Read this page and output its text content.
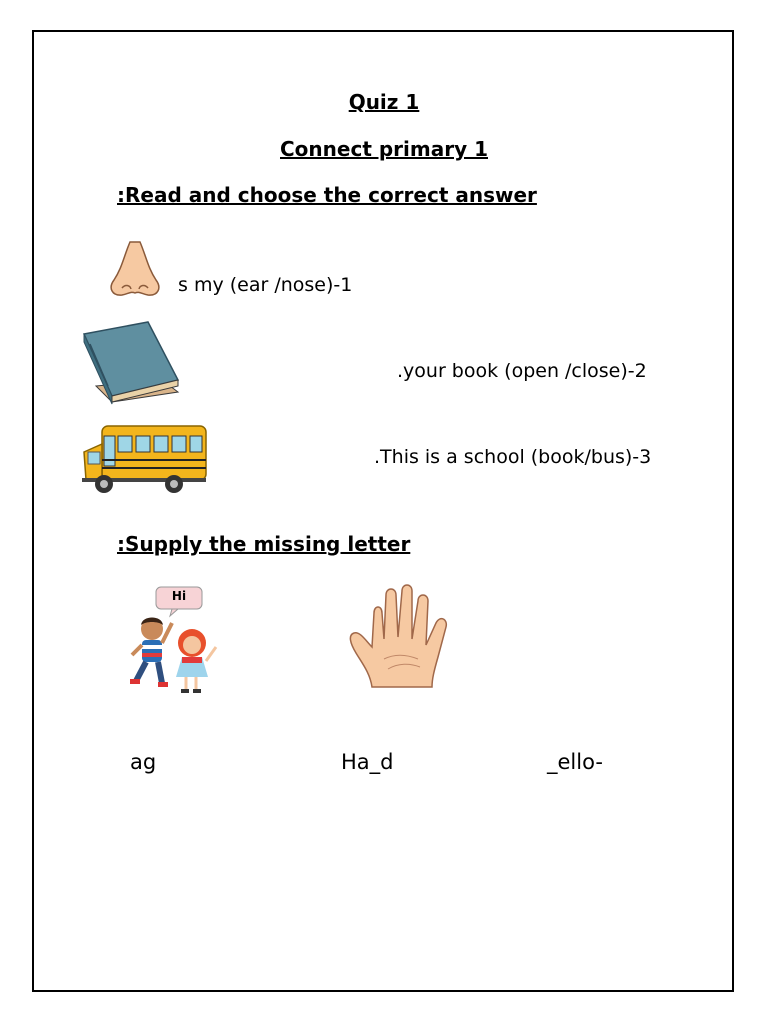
Quiz 1
Connect primary 1
:Read and choose the correct answer
s my (ear /nose)-1
.your book (open /close)-2
.This is a school (book/bus)-3
:Supply the missing letter
Hi
ag	Ha_d	_ello-
